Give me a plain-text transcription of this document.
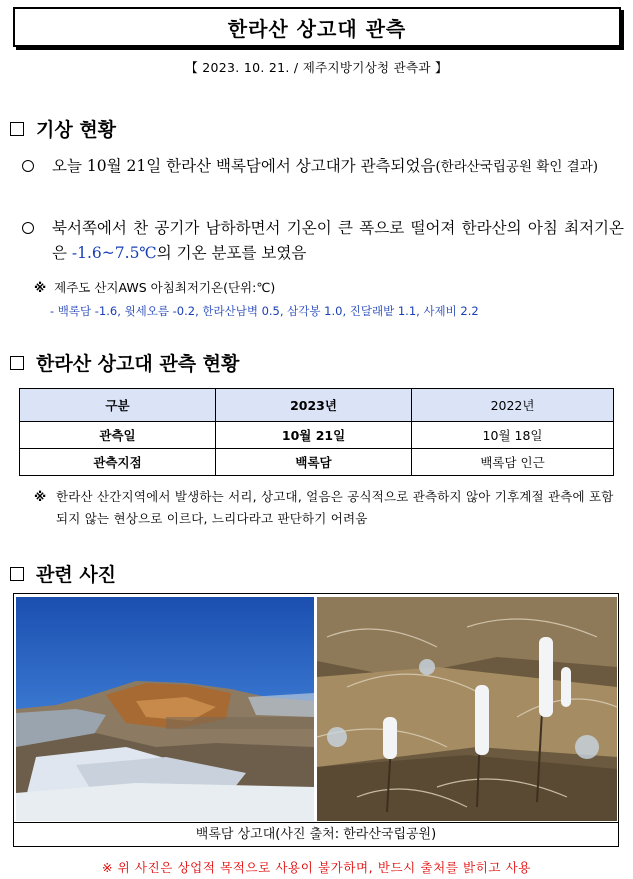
한라산 상고대 관측
【 2023. 10. 21. / 제주지방기상청 관측과 】
기상 현황
오늘 10월 21일 한라산 백록담에서 상고대가 관측되었음(한라산국립공원 확인 결과)
북서쪽에서 찬 공기가 남하하면서 기온이 큰 폭으로 떨어져 한라산의 아침 최저기온은 -1.6~7.5℃의 기온 분포를 보였음
※ 제주도 산지AWS 아침최저기온(단위:℃)
- 백록담 -1.6, 윗세오름 -0.2, 한라산남벽 0.5, 삼각봉 1.0, 진달래밭 1.1, 사제비 2.2
한라산 상고대 관측 현황
구분	2023년	2022년
관측일	10월 21일	10월 18일
관측지점	백록담	백록담 인근
※ 한라산 산간지역에서 발생하는 서리, 상고대, 얼음은 공식적으로 관측하지 않아 기후계절 관측에 포함되지 않는 현상으로 이르다, 느리다라고 판단하기 어려움
관련 사진
백록담 상고대(사진 출처: 한라산국립공원)
※ 위 사진은 상업적 목적으로 사용이 불가하며, 반드시 출처를 밝히고 사용
